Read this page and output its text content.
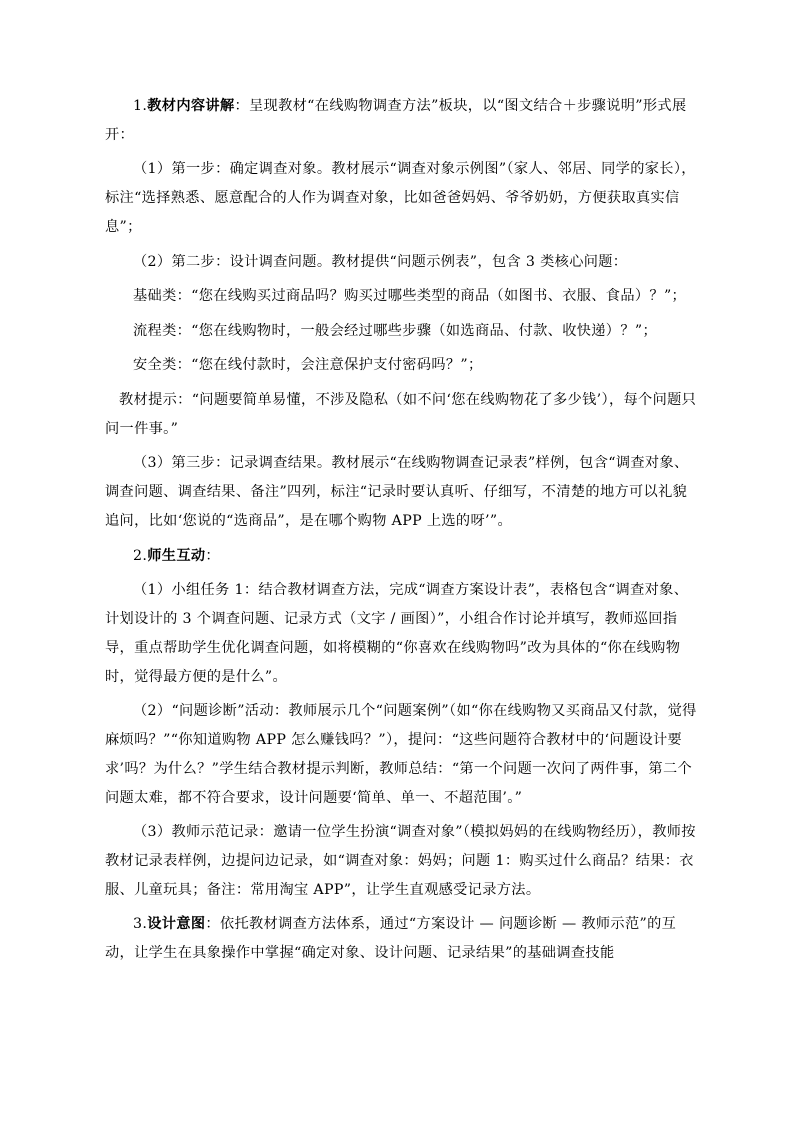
1.教材内容讲解：呈现教材“在线购物调查方法”板块，以“图文结合＋步骤说明”形式展开：

（1）第一步：确定调查对象。教材展示“调查对象示例图”（家人、邻居、同学的家长），标注“选择熟悉、愿意配合的人作为调查对象，比如爸爸妈妈、爷爷奶奶，方便获取真实信息”；

（2）第二步：设计调查问题。教材提供“问题示例表”，包含 3 类核心问题：

基础类：“您在线购买过商品吗？购买过哪些类型的商品（如图书、衣服、食品）？”；

流程类：“您在线购物时，一般会经过哪些步骤（如选商品、付款、收快递）？”；

安全类：“您在线付款时，会注意保护支付密码吗？”；

教材提示：“问题要简单易懂，不涉及隐私（如不问‘您在线购物花了多少钱’），每个问题只问一件事。”

（3）第三步：记录调查结果。教材展示“在线购物调查记录表”样例，包含“调查对象、调查问题、调查结果、备注”四列，标注“记录时要认真听、仔细写，不清楚的地方可以礼貌追问，比如‘您说的“选商品”，是在哪个购物 APP 上选的呀’”。

2.师生互动：

（1）小组任务 1：结合教材调查方法，完成“调查方案设计表”，表格包含“调查对象、计划设计的 3 个调查问题、记录方式（文字 / 画图）”，小组合作讨论并填写，教师巡回指导，重点帮助学生优化调查问题，如将模糊的“你喜欢在线购物吗”改为具体的“你在线购物时，觉得最方便的是什么”。

（2）“问题诊断”活动：教师展示几个“问题案例”（如“你在线购物又买商品又付款，觉得麻烦吗？”“你知道购物 APP 怎么赚钱吗？”），提问：“这些问题符合教材中的‘问题设计要求’吗？为什么？”学生结合教材提示判断，教师总结：“第一个问题一次问了两件事，第二个问题太难，都不符合要求，设计问题要‘简单、单一、不超范围’。”

（3）教师示范记录：邀请一位学生扮演“调查对象”（模拟妈妈的在线购物经历），教师按教材记录表样例，边提问边记录，如“调查对象：妈妈；问题 1：购买过什么商品？结果：衣服、儿童玩具；备注：常用淘宝 APP”，让学生直观感受记录方法。

3.设计意图：依托教材调查方法体系，通过“方案设计 — 问题诊断 — 教师示范”的互动，让学生在具象操作中掌握“确定对象、设计问题、记录结果”的基础调查技能
